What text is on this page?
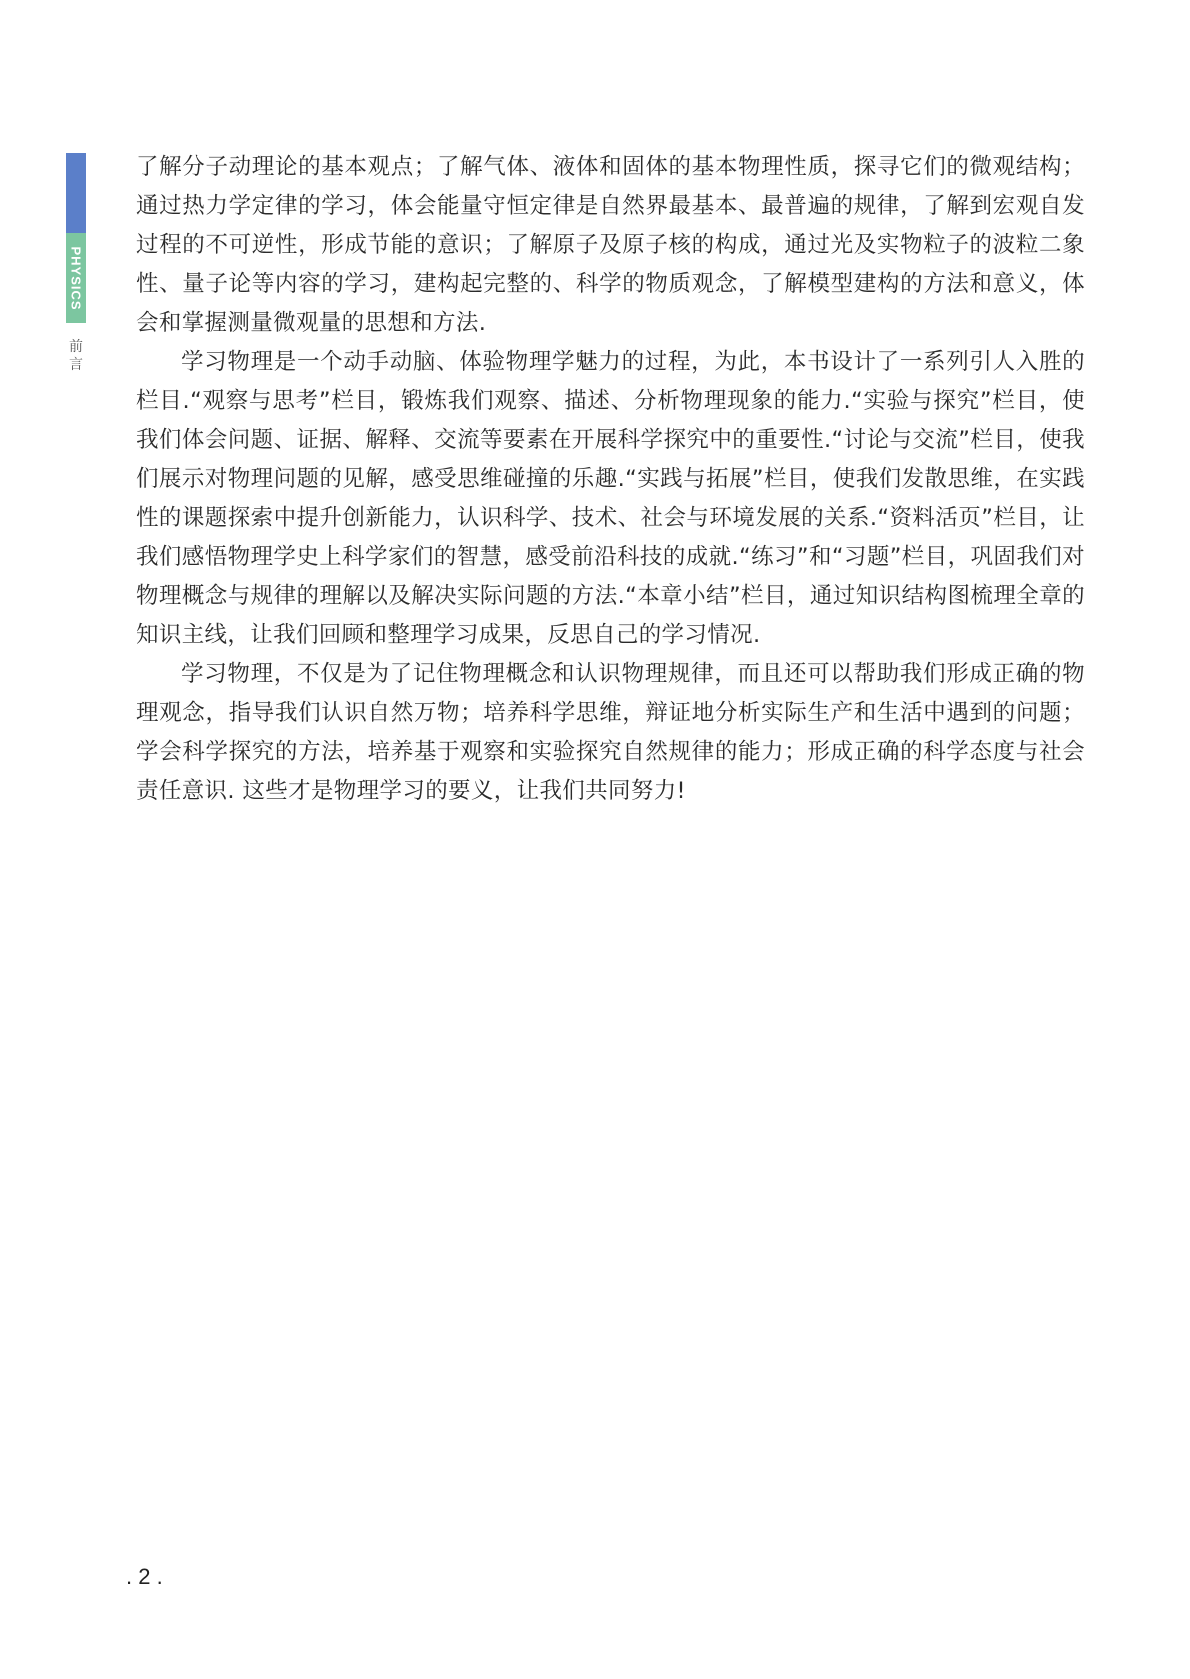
PHYSICS
前言

了解分子动理论的基本观点；了解气体、液体和固体的基本物理性质，探寻它们的微观结构；通过热力学定律的学习，体会能量守恒定律是自然界最基本、最普遍的规律，了解到宏观自发过程的不可逆性，形成节能的意识；了解原子及原子核的构成，通过光及实物粒子的波粒二象性、量子论等内容的学习，建构起完整的、科学的物质观念，了解模型建构的方法和意义，体会和掌握测量微观量的思想和方法.

学习物理是一个动手动脑、体验物理学魅力的过程，为此，本书设计了一系列引人入胜的栏目.“观察与思考”栏目，锻炼我们观察、描述、分析物理现象的能力.“实验与探究”栏目，使我们体会问题、证据、解释、交流等要素在开展科学探究中的重要性.“讨论与交流”栏目，使我们展示对物理问题的见解，感受思维碰撞的乐趣.“实践与拓展”栏目，使我们发散思维，在实践性的课题探索中提升创新能力，认识科学、技术、社会与环境发展的关系.“资料活页”栏目，让我们感悟物理学史上科学家们的智慧，感受前沿科技的成就.“练习”和“习题”栏目，巩固我们对物理概念与规律的理解以及解决实际问题的方法.“本章小结”栏目，通过知识结构图梳理全章的知识主线，让我们回顾和整理学习成果，反思自己的学习情况.

学习物理，不仅是为了记住物理概念和认识物理规律，而且还可以帮助我们形成正确的物理观念，指导我们认识自然万物；培养科学思维，辩证地分析实际生产和生活中遇到的问题；学会科学探究的方法，培养基于观察和实验探究自然规律的能力；形成正确的科学态度与社会责任意识. 这些才是物理学习的要义，让我们共同努力!

. 2 .
